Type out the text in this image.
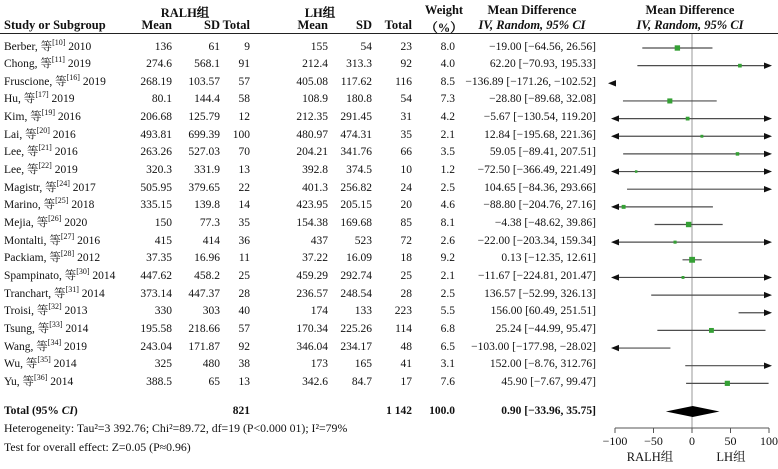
RALH组	LH组	Weight	Mean Difference	Mean Difference
Study or Subgroup	Mean	SD Total	Mean	SD	Total	（%）	IV, Random, 95% CI	IV, Random, 95% CI
Berber, 等[10] 2010	136	61	9	155	54	23	8.0	−19.00 [−64.56, 26.56]
Chong, 等[11] 2019	274.6	568.1	91	212.4	313.3	92	4.0	62.20 [−70.93, 195.33]
Fruscione, 等[16] 2019	268.19	103.57	57	405.08	117.62	116	8.5 −136.89 [−171.26, −102.52]
Hu, 等[17] 2019	80.1	144.4	58	108.9	180.8	54	7.3	−28.80 [−89.68, 32.08]
Kim, 等[19] 2016	206.68	125.79	12	212.35	291.45	31	4.2	−5.67 [−130.54, 119.20]
Lai, 等[20] 2016	493.81	699.39	100	480.97	474.31	35	2.1	12.84 [−195.68, 221.36]
Lee, 等[21] 2016	263.26	527.03	70	204.21	341.76	66	3.5	59.05 [−89.41, 207.51]
Lee, 等[22] 2019	320.3	331.9	13	392.8	374.5	10	1.2	−72.50 [−366.49, 221.49]
Magistr, 等[24] 2017	505.95	379.65	22	401.3	256.82	24	2.5	104.65 [−84.36, 293.66]
Marino, 等[25] 2018	335.15	139.8	14	423.95	205.15	20	4.6	−88.80 [−204.76, 27.16]
Mejia, 等[26] 2020	150	77.3	35	154.38	169.68	85	8.1	−4.38 [−48.62, 39.86]
Montalti, 等[27] 2016	415	414	36	437	523	72	2.6	−22.00 [−203.34, 159.34]
Packiam, 等[28] 2012	37.35	16.96	11	37.22	16.09	18	9.2	0.13 [−12.35, 12.61]
Spampinato, 等[30] 2014	447.62	458.2	25	459.29	292.74	25	2.1	−11.67 [−224.81, 201.47]
Tranchart, 等[31] 2014	373.14	447.37	28	236.57	248.54	28	2.5	136.57 [−52.99, 326.13]
Troisi, 等[32] 2013	330	303	40	174	133	223	5.5	156.00 [60.49, 251.51]
Tsung, 等[33] 2014	195.58	218.66	57	170.34	225.26	114	6.8	25.24 [−44.99, 95.47]
Wang, 等[34] 2019	243.04	171.87	92	346.04	234.17	48	6.5	−103.00 [−177.98, −28.02]
Wu, 等[35] 2014	325	480	38	173	165	41	3.1	152.00 [−8.76, 312.76]
Yu, 等[36] 2014	388.5	65	13	342.6	84.7	17	7.6	45.90 [−7.67, 99.47]
Total (95% CI)	821	1 142	100.0	0.90 [−33.96, 35.75]
Heterogeneity: Tau²=3 392.76; Chi²=89.72, df=19 (P<0.000 01); I²=79%
Test for overall effect: Z=0.05 (P≈0.96)	−100 −50 0 50 100
RALH组	LH组
